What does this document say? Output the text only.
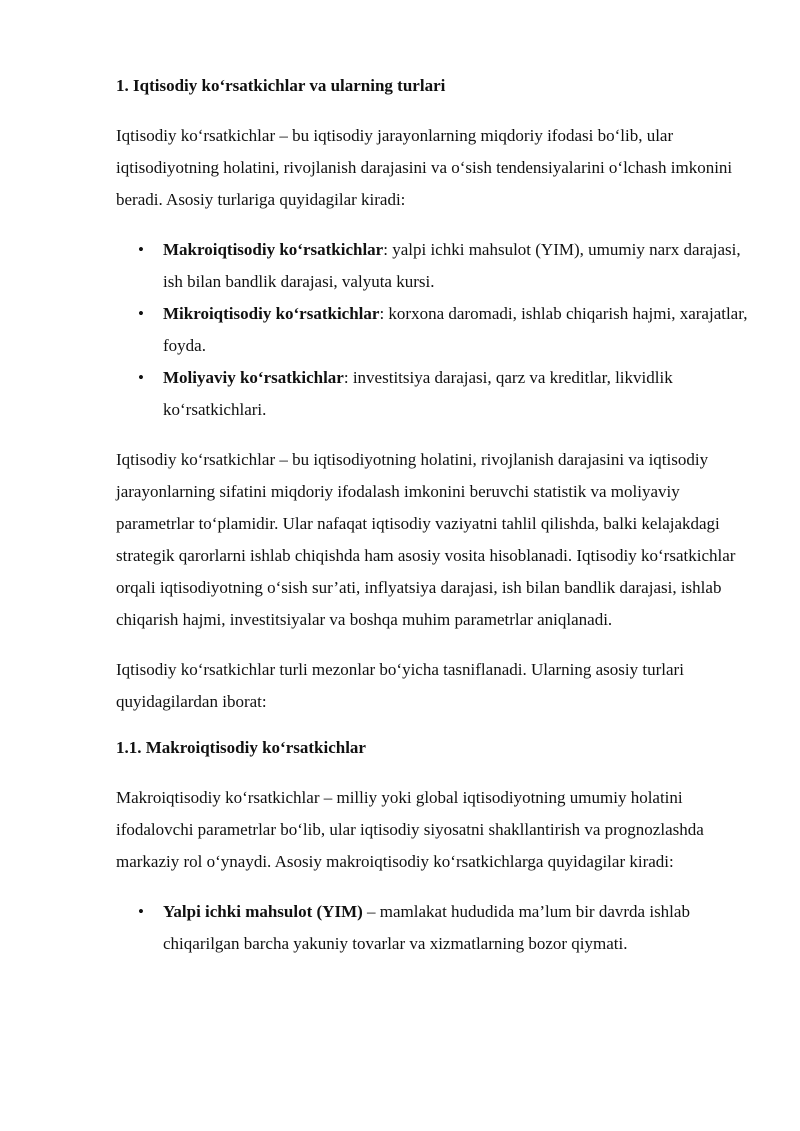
1. Iqtisodiy ko‘rsatkichlar va ularning turlari

Iqtisodiy ko‘rsatkichlar – bu iqtisodiy jarayonlarning miqdoriy ifodasi bo‘lib, ular iqtisodiyotning holatini, rivojlanish darajasini va o‘sish tendensiyalarini o‘lchash imkonini beradi. Asosiy turlariga quyidagilar kiradi:

• Makroiqtisodiy ko‘rsatkichlar: yalpi ichki mahsulot (YIM), umumiy narx darajasi, ish bilan bandlik darajasi, valyuta kursi.
• Mikroiqtisodiy ko‘rsatkichlar: korxona daromadi, ishlab chiqarish hajmi, xarajatlar, foyda.
• Moliyaviy ko‘rsatkichlar: investitsiya darajasi, qarz va kreditlar, likvidlik ko‘rsatkichlari.

Iqtisodiy ko‘rsatkichlar – bu iqtisodiyotning holatini, rivojlanish darajasini va iqtisodiy jarayonlarning sifatini miqdoriy ifodalash imkonini beruvchi statistik va moliyaviy parametrlar to‘plamidir. Ular nafaqat iqtisodiy vaziyatni tahlil qilishda, balki kelajakdagi strategik qarorlarni ishlab chiqishda ham asosiy vosita hisoblanadi. Iqtisodiy ko‘rsatkichlar orqali iqtisodiyotning o‘sish sur’ati, inflyatsiya darajasi, ish bilan bandlik darajasi, ishlab chiqarish hajmi, investitsiyalar va boshqa muhim parametrlar aniqlanadi.

Iqtisodiy ko‘rsatkichlar turli mezonlar bo‘yicha tasniflanadi. Ularning asosiy turlari quyidagilardan iborat:

1.1. Makroiqtisodiy ko‘rsatkichlar

Makroiqtisodiy ko‘rsatkichlar – milliy yoki global iqtisodiyotning umumiy holatini ifodalovchi parametrlar bo‘lib, ular iqtisodiy siyosatni shakllantirish va prognozlashda markaziy rol o‘ynaydi. Asosiy makroiqtisodiy ko‘rsatkichlarga quyidagilar kiradi:

• Yalpi ichki mahsulot (YIM) – mamlakat hududida ma’lum bir davrda ishlab chiqarilgan barcha yakuniy tovarlar va xizmatlarning bozor qiymati.
